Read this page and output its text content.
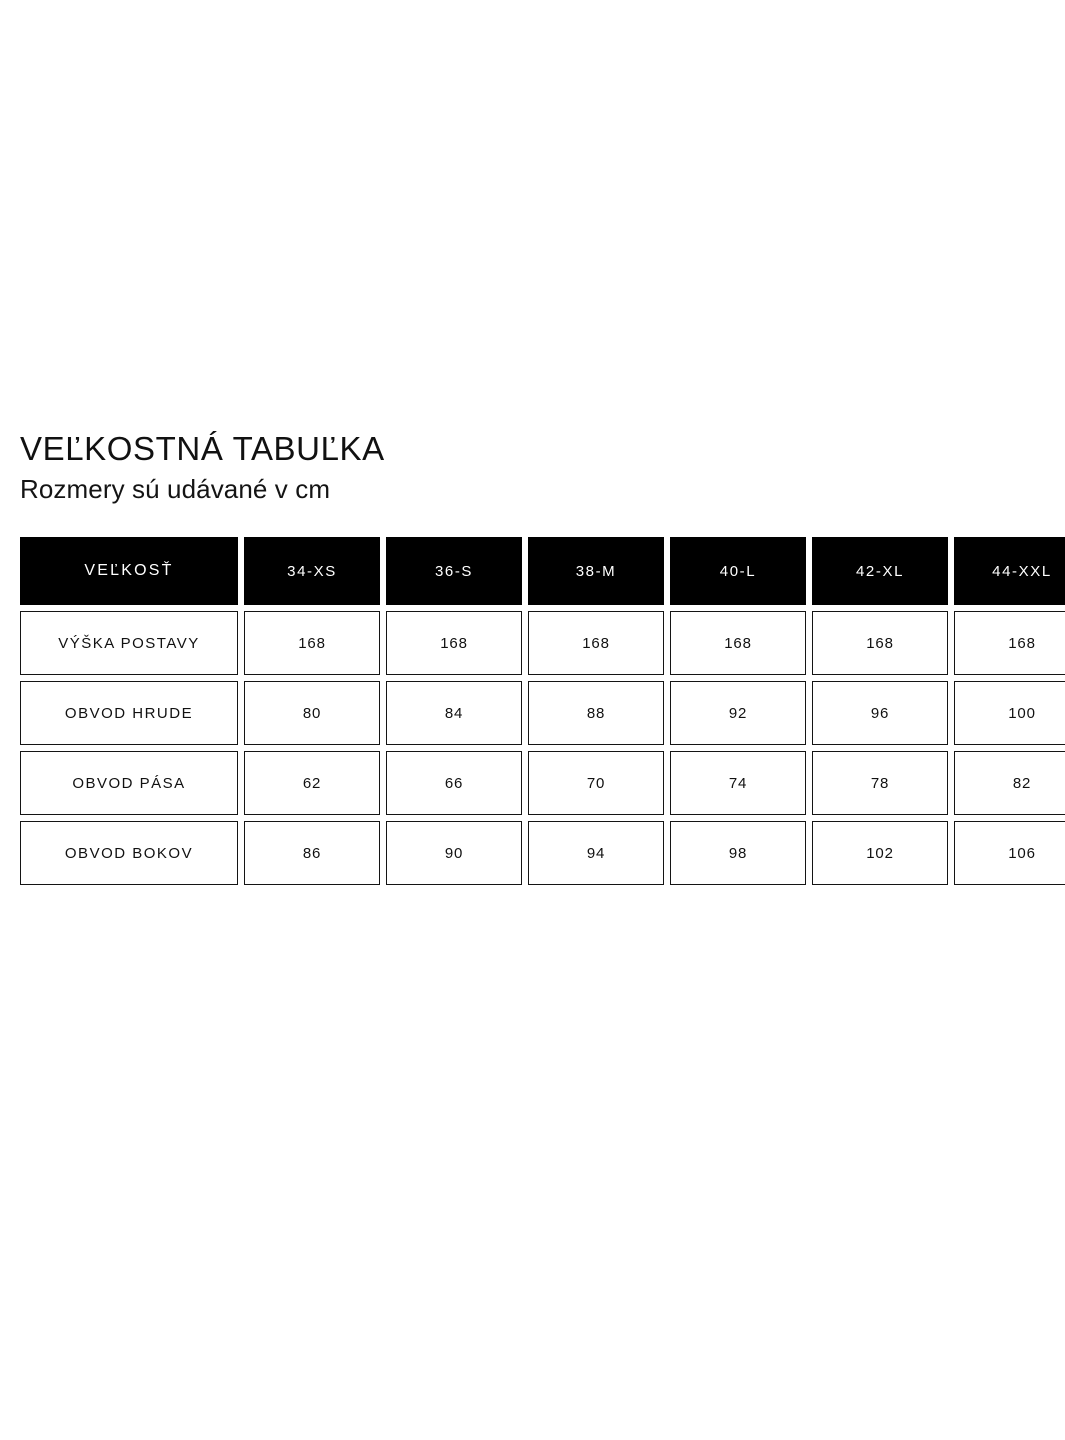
VEĽKOSTNÁ TABUĽKA

Rozmery sú udávané v cm

VEĽKOSŤ	34-XS	36-S	38-M	40-L	42-XL	44-XXL
VÝŠKA POSTAVY	168	168	168	168	168	168
OBVOD HRUDE	80	84	88	92	96	100
OBVOD PÁSA	62	66	70	74	78	82
OBVOD BOKOV	86	90	94	98	102	106
